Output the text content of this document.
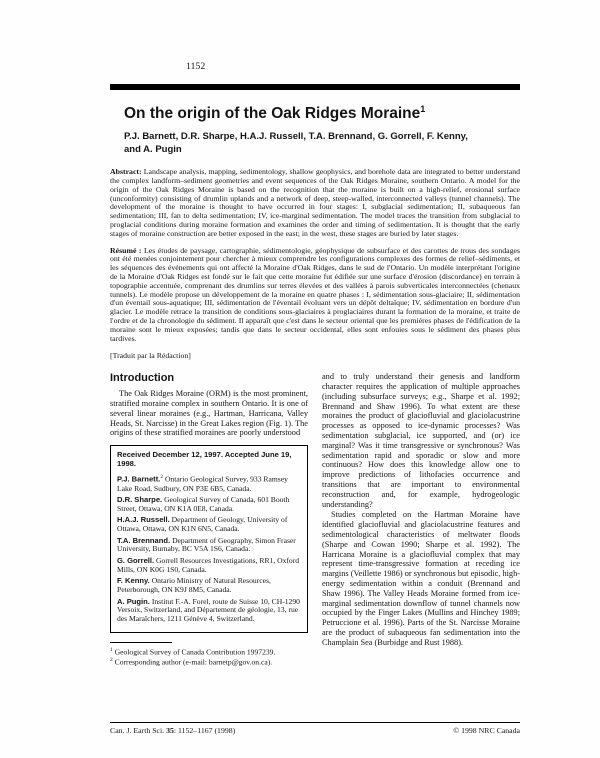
1152
On the origin of the Oak Ridges Moraine$^1$
P.J. Barnett, D.R. Sharpe, H.A.J. Russell, T.A. Brennand, G. Gorrell, F. Kenny,
and A. Pugin

Abstract: Landscape analysis, mapping, sedimentology, shallow geophysics, and borehole data are integrated to better understand the complex landform–sediment geometries and event sequences of the Oak Ridges Moraine, southern Ontario. A model for the origin of the Oak Ridges Moraine is based on the recognition that the moraine is built on a high-relief, erosional surface (unconformity) consisting of drumlin uplands and a network of deep, steep-walled, interconnected valleys (tunnel channels). The development of the moraine is thought to have occurred in four stages: I, subglacial sedimentation; II, subaqueous fan sedimentation; III, fan to delta sedimentation; IV, ice-marginal sedimentation. The model traces the transition from subglacial to proglacial conditions during moraine formation and examines the order and timing of sedimentation. It is thought that the early stages of moraine construction are better exposed in the east; in the west, these stages are buried by later stages.

Résumé : Les études de paysage, cartographie, sédimentologie, géophysique de subsurface et des carottes de trous des sondages ont été menées conjointement pour chercher à mieux comprendre les configurations complexes des formes de relief–sédiments, et les séquences des événements qui ont affecté la Moraine d'Oak Ridges, dans le sud de l'Ontario. Un modèle interprétant l'origine de la Moraine d'Oak Ridges est fondé sur le fait que cette moraine fut édifiée sur une surface d'érosion (discordance) en terrain à topographie accentuée, comprenant des drumlins sur terres élevées et des vallées à parois subverticales interconnectées (chenaux tunnels). Le modèle propose un développement de la moraine en quatre phases : I, sédimentation sous-glaciaire; II, sédimentation d'un éventail sous-aquatique; III, sédimentation de l'éventail évoluant vers un dépôt deltaïque; IV, sédimentation en bordure d'un glacier. Le modèle retrace la transition de conditions sous-glaciaires à proglaciaires durant la formation de la moraine, et traite de l'ordre et de la chronologie du sédiment. Il apparaît que c'est dans le secteur oriental que les premières phases de l'édification de la moraine sont le mieux exposées; tandis que dans le secteur occidental, elles sont enfouies sous le sédiment des phases plus tardives.

[Traduit par la Rédaction]

Introduction

The Oak Ridges Moraine (ORM) is the most prominent, stratified moraine complex in southern Ontario. It is one of several linear moraines (e.g., Hartman, Harricana, Valley Heads, St. Narcisse) in the Great Lakes region (Fig. 1). The origins of these stratified moraines are poorly understood

Received December 12, 1997. Accepted June 19, 1998.

P.J. Barnett.$^2$ Ontario Geological Survey, 933 Ramsey Lake Road, Sudbury, ON P3E 6B5, Canada.

D.R. Sharpe. Geological Survey of Canada, 601 Booth Street, Ottawa, ON K1A 0E8, Canada.

H.A.J. Russell. Department of Geology, University of Ottawa, Ottawa, ON K1N 6N5, Canada.

T.A. Brennand. Department of Geography, Simon Fraser University, Burnaby, BC V5A 1S6, Canada.

G. Gorrell. Gorrell Resources Investigations, RR1, Oxford Mills, ON K0G 1S0, Canada.

F. Kenny. Ontario Ministry of Natural Resources, Peterborough, ON K9J 8M5, Canada.

A. Pugin. Institut F.-A. Forel, route de Suisse 10, CH-1290 Versoix, Switzerland, and Département de géologie, 13, rue des Maraîchers, 1211 Génève 4, Switzerland.

$^1$ Geological Survey of Canada Contribution 1997239.

$^2$ Corresponding author (e-mail: barnetp@gov.on.ca).

and to truly understand their genesis and landform character requires the application of multiple approaches (including subsurface surveys; e.g., Sharpe et al. 1992; Brennand and Shaw 1996). To what extent are these moraines the product of glaciofluvial and glaciolacustrine processes as opposed to ice-dynamic processes? Was sedimentation subglacial, ice supported, and (or) ice marginal? Was it time transgressive or synchronous? Was sedimentation rapid and sporadic or slow and more continuous? How does this knowledge allow one to improve predictions of lithofacies occurrence and transitions that are important to environmental reconstruction and, for example, hydrogeologic understanding?

Studies completed on the Hartman Moraine have identified glaciofluvial and glaciolacustrine features and sedimentological characteristics of meltwater floods (Sharpe and Cowan 1990; Sharpe et al. 1992). The Harricana Moraine is a glaciofluvial complex that may represent time-transgressive formation at receding ice margins (Veillette 1986) or synchronous but episodic, high-energy sedimentation within a conduit (Brennand and Shaw 1996). The Valley Heads Moraine formed from ice-marginal sedimentation downflow of tunnel channels now occupied by the Finger Lakes (Mullins and Hinchey 1989; Petruccione et al. 1996). Parts of the St. Narcisse Moraine are the product of subaqueous fan sedimentation into the Champlain Sea (Burbidge and Rust 1988).

Can. J. Earth Sci. 35: 1152–1167 (1998)	© 1998 NRC Canada
